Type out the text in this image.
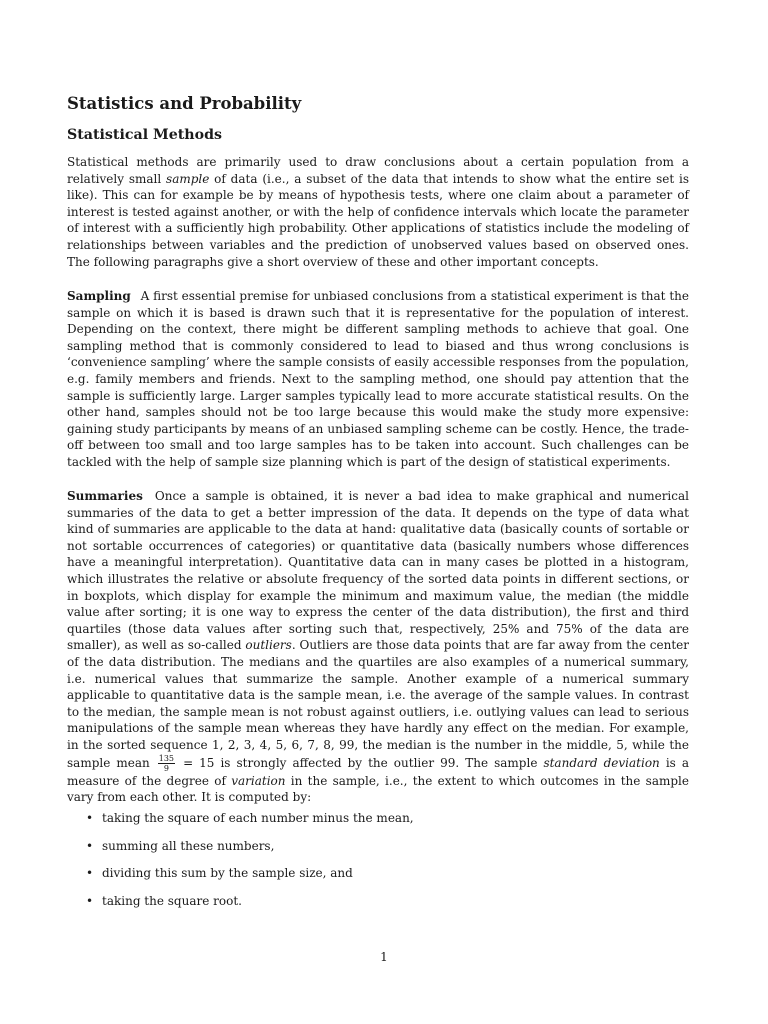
Statistics and Probability
Statistical Methods

Statistical methods are primarily used to draw conclusions about a certain population from a relatively small sample of data (i.e., a subset of the data that intends to show what the entire set is like). This can for example be by means of hypothesis tests, where one claim about a parameter of interest is tested against another, or with the help of confidence intervals which locate the parameter of interest with a sufficiently high probability. Other applications of statistics include the modeling of relationships between variables and the prediction of unobserved values based on observed ones. The following paragraphs give a short overview of these and other important concepts.

Sampling A first essential premise for unbiased conclusions from a statistical experiment is that the sample on which it is based is drawn such that it is representative for the population of interest. Depending on the context, there might be different sampling methods to achieve that goal. One sampling method that is commonly considered to lead to biased and thus wrong conclusions is ‘convenience sampling’ where the sample consists of easily accessible responses from the population, e.g. family members and friends. Next to the sampling method, one should pay attention that the sample is sufficiently large. Larger samples typically lead to more accurate statistical results. On the other hand, samples should not be too large because this would make the study more expensive: gaining study participants by means of an unbiased sampling scheme can be costly. Hence, the trade-off between too small and too large samples has to be taken into account. Such challenges can be tackled with the help of sample size planning which is part of the design of statistical experiments.

Summaries Once a sample is obtained, it is never a bad idea to make graphical and numerical summaries of the data to get a better impression of the data. It depends on the type of data what kind of summaries are applicable to the data at hand: qualitative data (basically counts of sortable or not sortable occurrences of categories) or quantitative data (basically numbers whose differences have a meaningful interpretation). Quantitative data can in many cases be plotted in a histogram, which illustrates the relative or absolute frequency of the sorted data points in different sections, or in boxplots, which display for example the minimum and maximum value, the median (the middle value after sorting; it is one way to express the center of the data distribution), the first and third quartiles (those data values after sorting such that, respectively, 25% and 75% of the data are smaller), as well as so-called outliers. Outliers are those data points that are far away from the center of the data distribution. The medians and the quartiles are also examples of a numerical summary, i.e. numerical values that summarize the sample. Another example of a numerical summary applicable to quantitative data is the sample mean, i.e. the average of the sample values. In contrast to the median, the sample mean is not robust against outliers, i.e. outlying values can lead to serious manipulations of the sample mean whereas they have hardly any effect on the median. For example, in the sorted sequence 1, 2, 3, 4, 5, 6, 7, 8, 99, the median is the number in the middle, 5, while the sample mean $\frac{135}{9} = 15$ is strongly affected by the outlier 99. The sample standard deviation is a measure of the degree of variation in the sample, i.e., the extent to which outcomes in the sample vary from each other. It is computed by:

• taking the square of each number minus the mean,
• summing all these numbers,
• dividing this sum by the sample size, and
• taking the square root.
1
